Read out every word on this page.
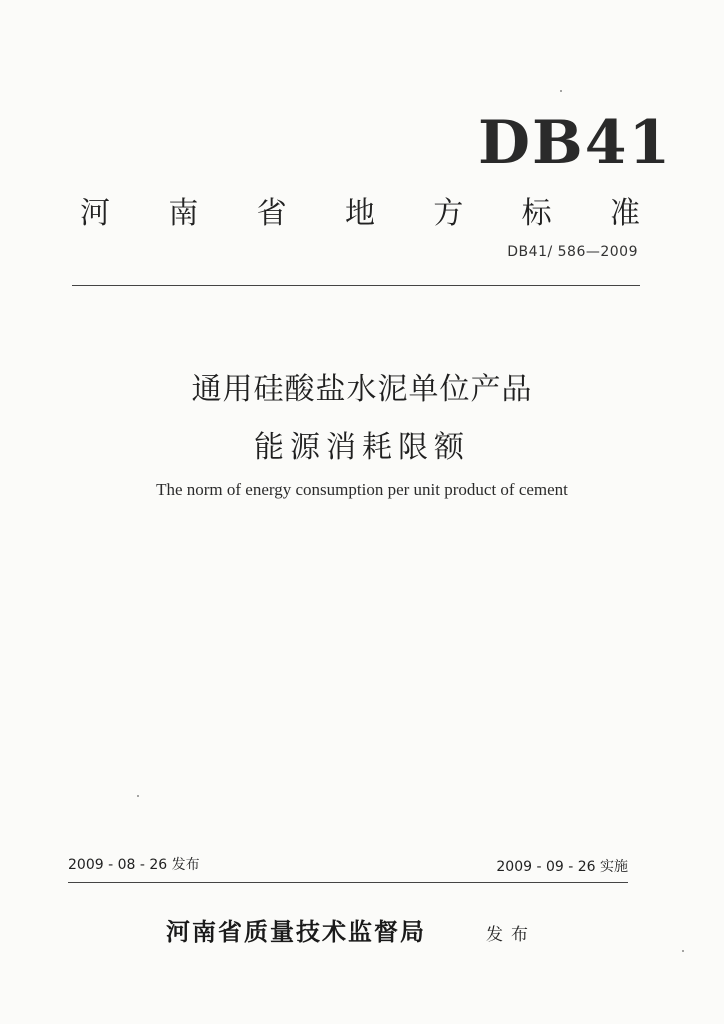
DB41
河 南 省 地 方 标 准
DB41/ 586—2009
通用硅酸盐水泥单位产品
能源消耗限额
The norm of energy consumption per unit product of cement
2009 - 08 - 26 发布	2009 - 09 - 26 实施
河南省质量技术监督局	发布
